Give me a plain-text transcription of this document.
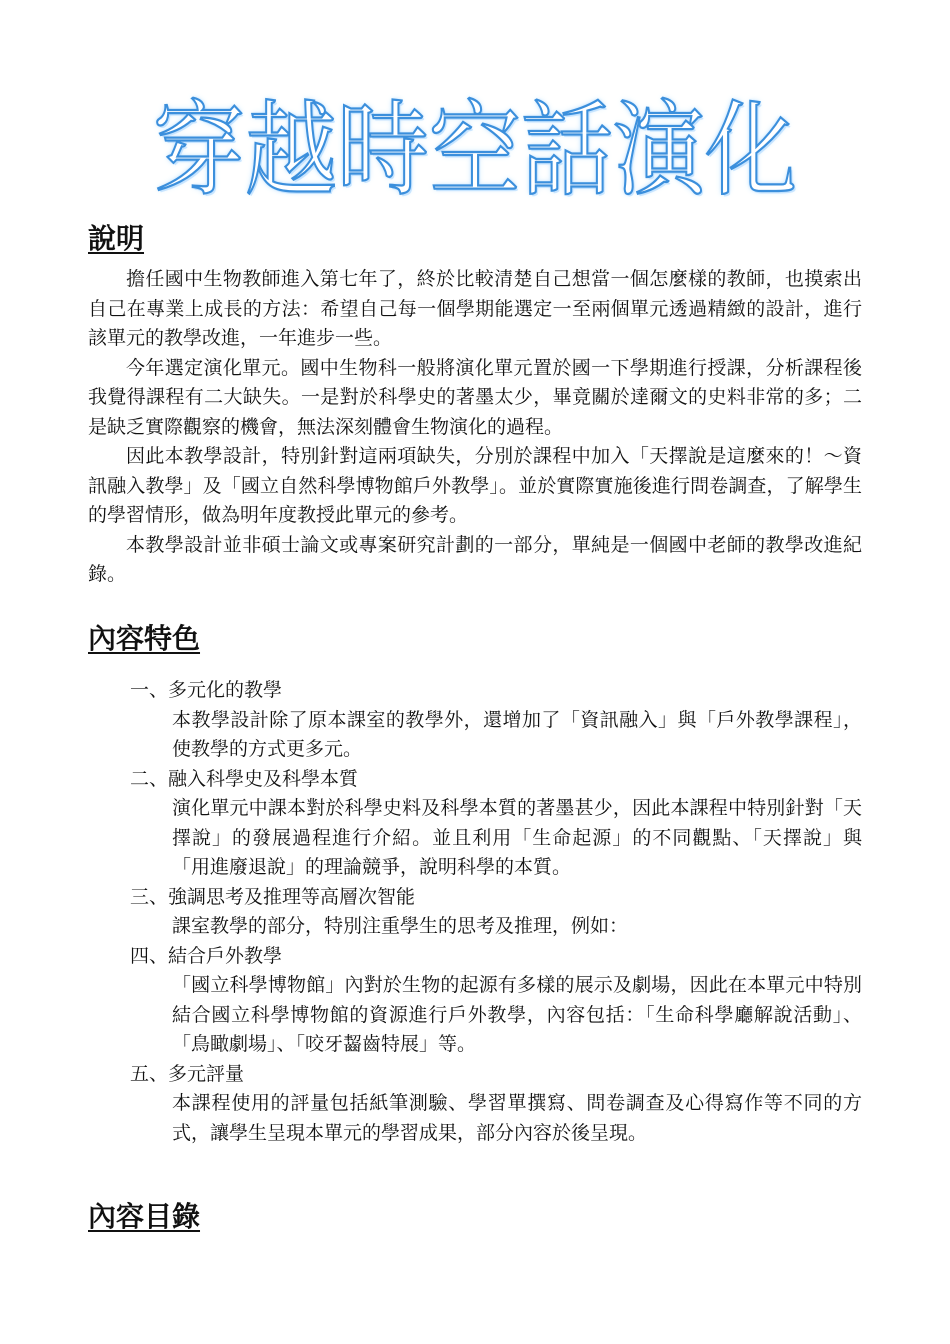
穿越時空話演化
說明

擔任國中生物教師進入第七年了，終於比較清楚自己想當一個怎麼樣的教師，也摸索出自己在專業上成長的方法：希望自己每一個學期能選定一至兩個單元透過精緻的設計，進行該單元的教學改進，一年進步一些。

今年選定演化單元。國中生物科一般將演化單元置於國一下學期進行授課，分析課程後我覺得課程有二大缺失。一是對於科學史的著墨太少，畢竟關於達爾文的史料非常的多；二是缺乏實際觀察的機會，無法深刻體會生物演化的過程。

因此本教學設計，特別針對這兩項缺失，分別於課程中加入「天擇說是這麼來的！～資訊融入教學」及「國立自然科學博物館戶外教學」。並於實際實施後進行問卷調查，了解學生的學習情形，做為明年度教授此單元的參考。

本教學設計並非碩士論文或專案研究計劃的一部分，單純是一個國中老師的教學改進紀錄。

內容特色
一、多元化的教學
本教學設計除了原本課室的教學外，還增加了「資訊融入」與「戶外教學課程」，使教學的方式更多元。
二、融入科學史及科學本質
演化單元中課本對於科學史料及科學本質的著墨甚少，因此本課程中特別針對「天擇說」的發展過程進行介紹。並且利用「生命起源」的不同觀點、「天擇說」與「用進廢退說」的理論競爭，說明科學的本質。
三、強調思考及推理等高層次智能
課室教學的部分，特別注重學生的思考及推理，例如：
四、結合戶外教學
「國立科學博物館」內對於生物的起源有多樣的展示及劇場，因此在本單元中特別結合國立科學博物館的資源進行戶外教學，內容包括：「生命科學廳解說活動」、「鳥瞰劇場」、「咬牙齧齒特展」等。
五、多元評量
本課程使用的評量包括紙筆測驗、學習單撰寫、問卷調查及心得寫作等不同的方式，讓學生呈現本單元的學習成果，部分內容於後呈現。
內容目錄
